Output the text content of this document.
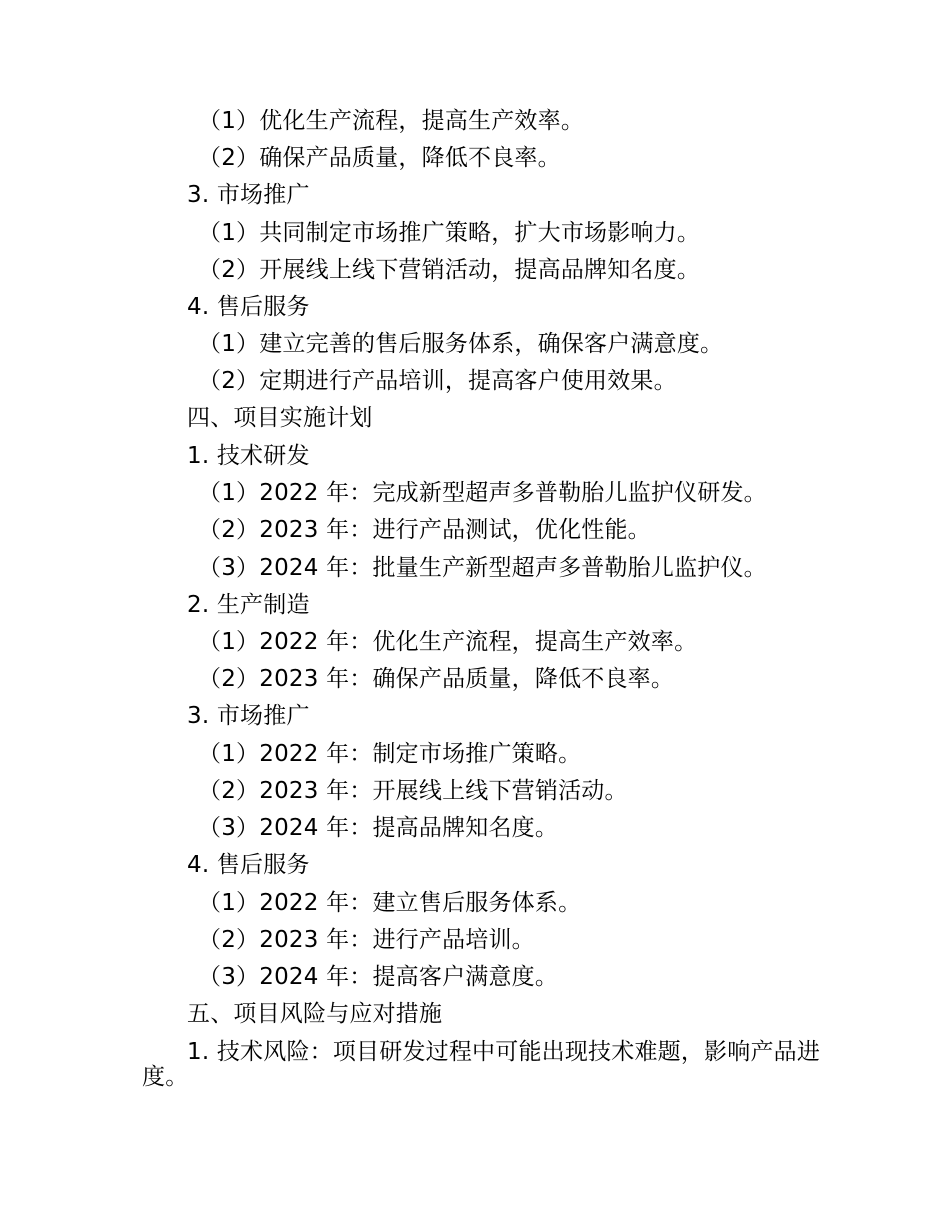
（1）优化生产流程，提高生产效率。
（2）确保产品质量，降低不良率。
3. 市场推广
（1）共同制定市场推广策略，扩大市场影响力。
（2）开展线上线下营销活动，提高品牌知名度。
4. 售后服务
（1）建立完善的售后服务体系，确保客户满意度。
（2）定期进行产品培训，提高客户使用效果。
四、项目实施计划
1. 技术研发
（1）2022 年：完成新型超声多普勒胎儿监护仪研发。
（2）2023 年：进行产品测试，优化性能。
（3）2024 年：批量生产新型超声多普勒胎儿监护仪。
2. 生产制造
（1）2022 年：优化生产流程，提高生产效率。
（2）2023 年：确保产品质量，降低不良率。
3. 市场推广
（1）2022 年：制定市场推广策略。
（2）2023 年：开展线上线下营销活动。
（3）2024 年：提高品牌知名度。
4. 售后服务
（1）2022 年：建立售后服务体系。
（2）2023 年：进行产品培训。
（3）2024 年：提高客户满意度。
五、项目风险与应对措施
1. 技术风险：项目研发过程中可能出现技术难题，影响产品进度。
